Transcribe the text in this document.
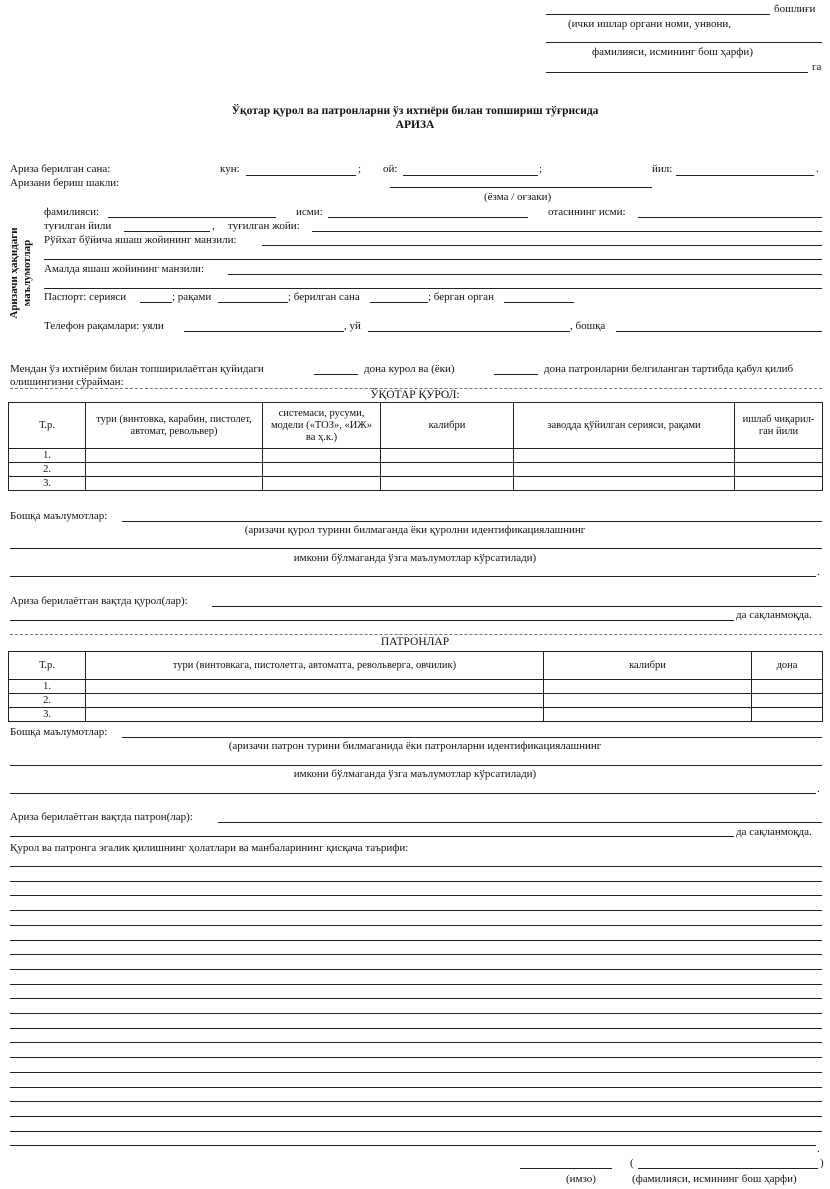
бошлиғи
(ички ишлар органи номи, унвони,
фамилияси, исмининг бош ҳарфи)
га
Ўқотар қурол ва патронларни ўз ихтиёри билан топшириш тўғрисида
АРИЗА
Ариза берилган сана:	кун:	; ой:	;	йил:	.
Аризани бериш шакли:
(ёзма / оғзаки)
Аризачи ҳақидаги маълумотлар
фамилияси:	исми:	отасининг исми:
туғилган йили	, туғилган жойи:
Рўйхат бўйича яшаш жойининг манзили:
Амалда яшаш жойининг манзили:
Паспорт: серияси	; рақами	; берилган сана	; берган орган
Телефон рақамлари: уяли	, уй	, бошқа
Мендан ўз ихтиёрим билан топширилаётган қуйидаги	дона курол ва (ёки)	дона патронларни белгиланган тартибда қабул қилиб
олишингизни сўрайман:
ЎҚОТАР ҚУРОЛ:
Т.р.	тури (винтовка, карабин, пистолет, автомат, револьвер)	системаси, русуми, модели («ТОЗ», «ИЖ» ва ҳ.к.)	калибри	заводда қўйилган серияси, рақами	ишлаб чиқарил-ган йили
1.					
2.					
3.					
Бошқа маълумотлар:
(аризачи қурол турини билмаганда ёки қуролни идентификациялашнинг
имкони бўлмаганда ўзга маълумотлар кўрсатилади)
.
Ариза берилаётган вақтда қурол(лар):
да сақланмоқда.
ПАТРОНЛАР
Т.р.	тури (винтовкага, пистолетга, автоматга, револьверга, овчилик)	калибри	дона
1.			
2.			
3.			
Бошқа маълумотлар:
(аризачи патрон турини билмаганида ёки патронларни идентификациялашнинг
имкони бўлмаганда ўзга маълумотлар кўрсатилади)
.
Ариза берилаётган вақтда патрон(лар):
да сақланмоқда.
Қурол ва патронга эгалик қилишнинг ҳолатлари ва манбаларининг қисқача таърифи:
.
(имзо)
(	)
(фамилияси, исмининг бош ҳарфи)
